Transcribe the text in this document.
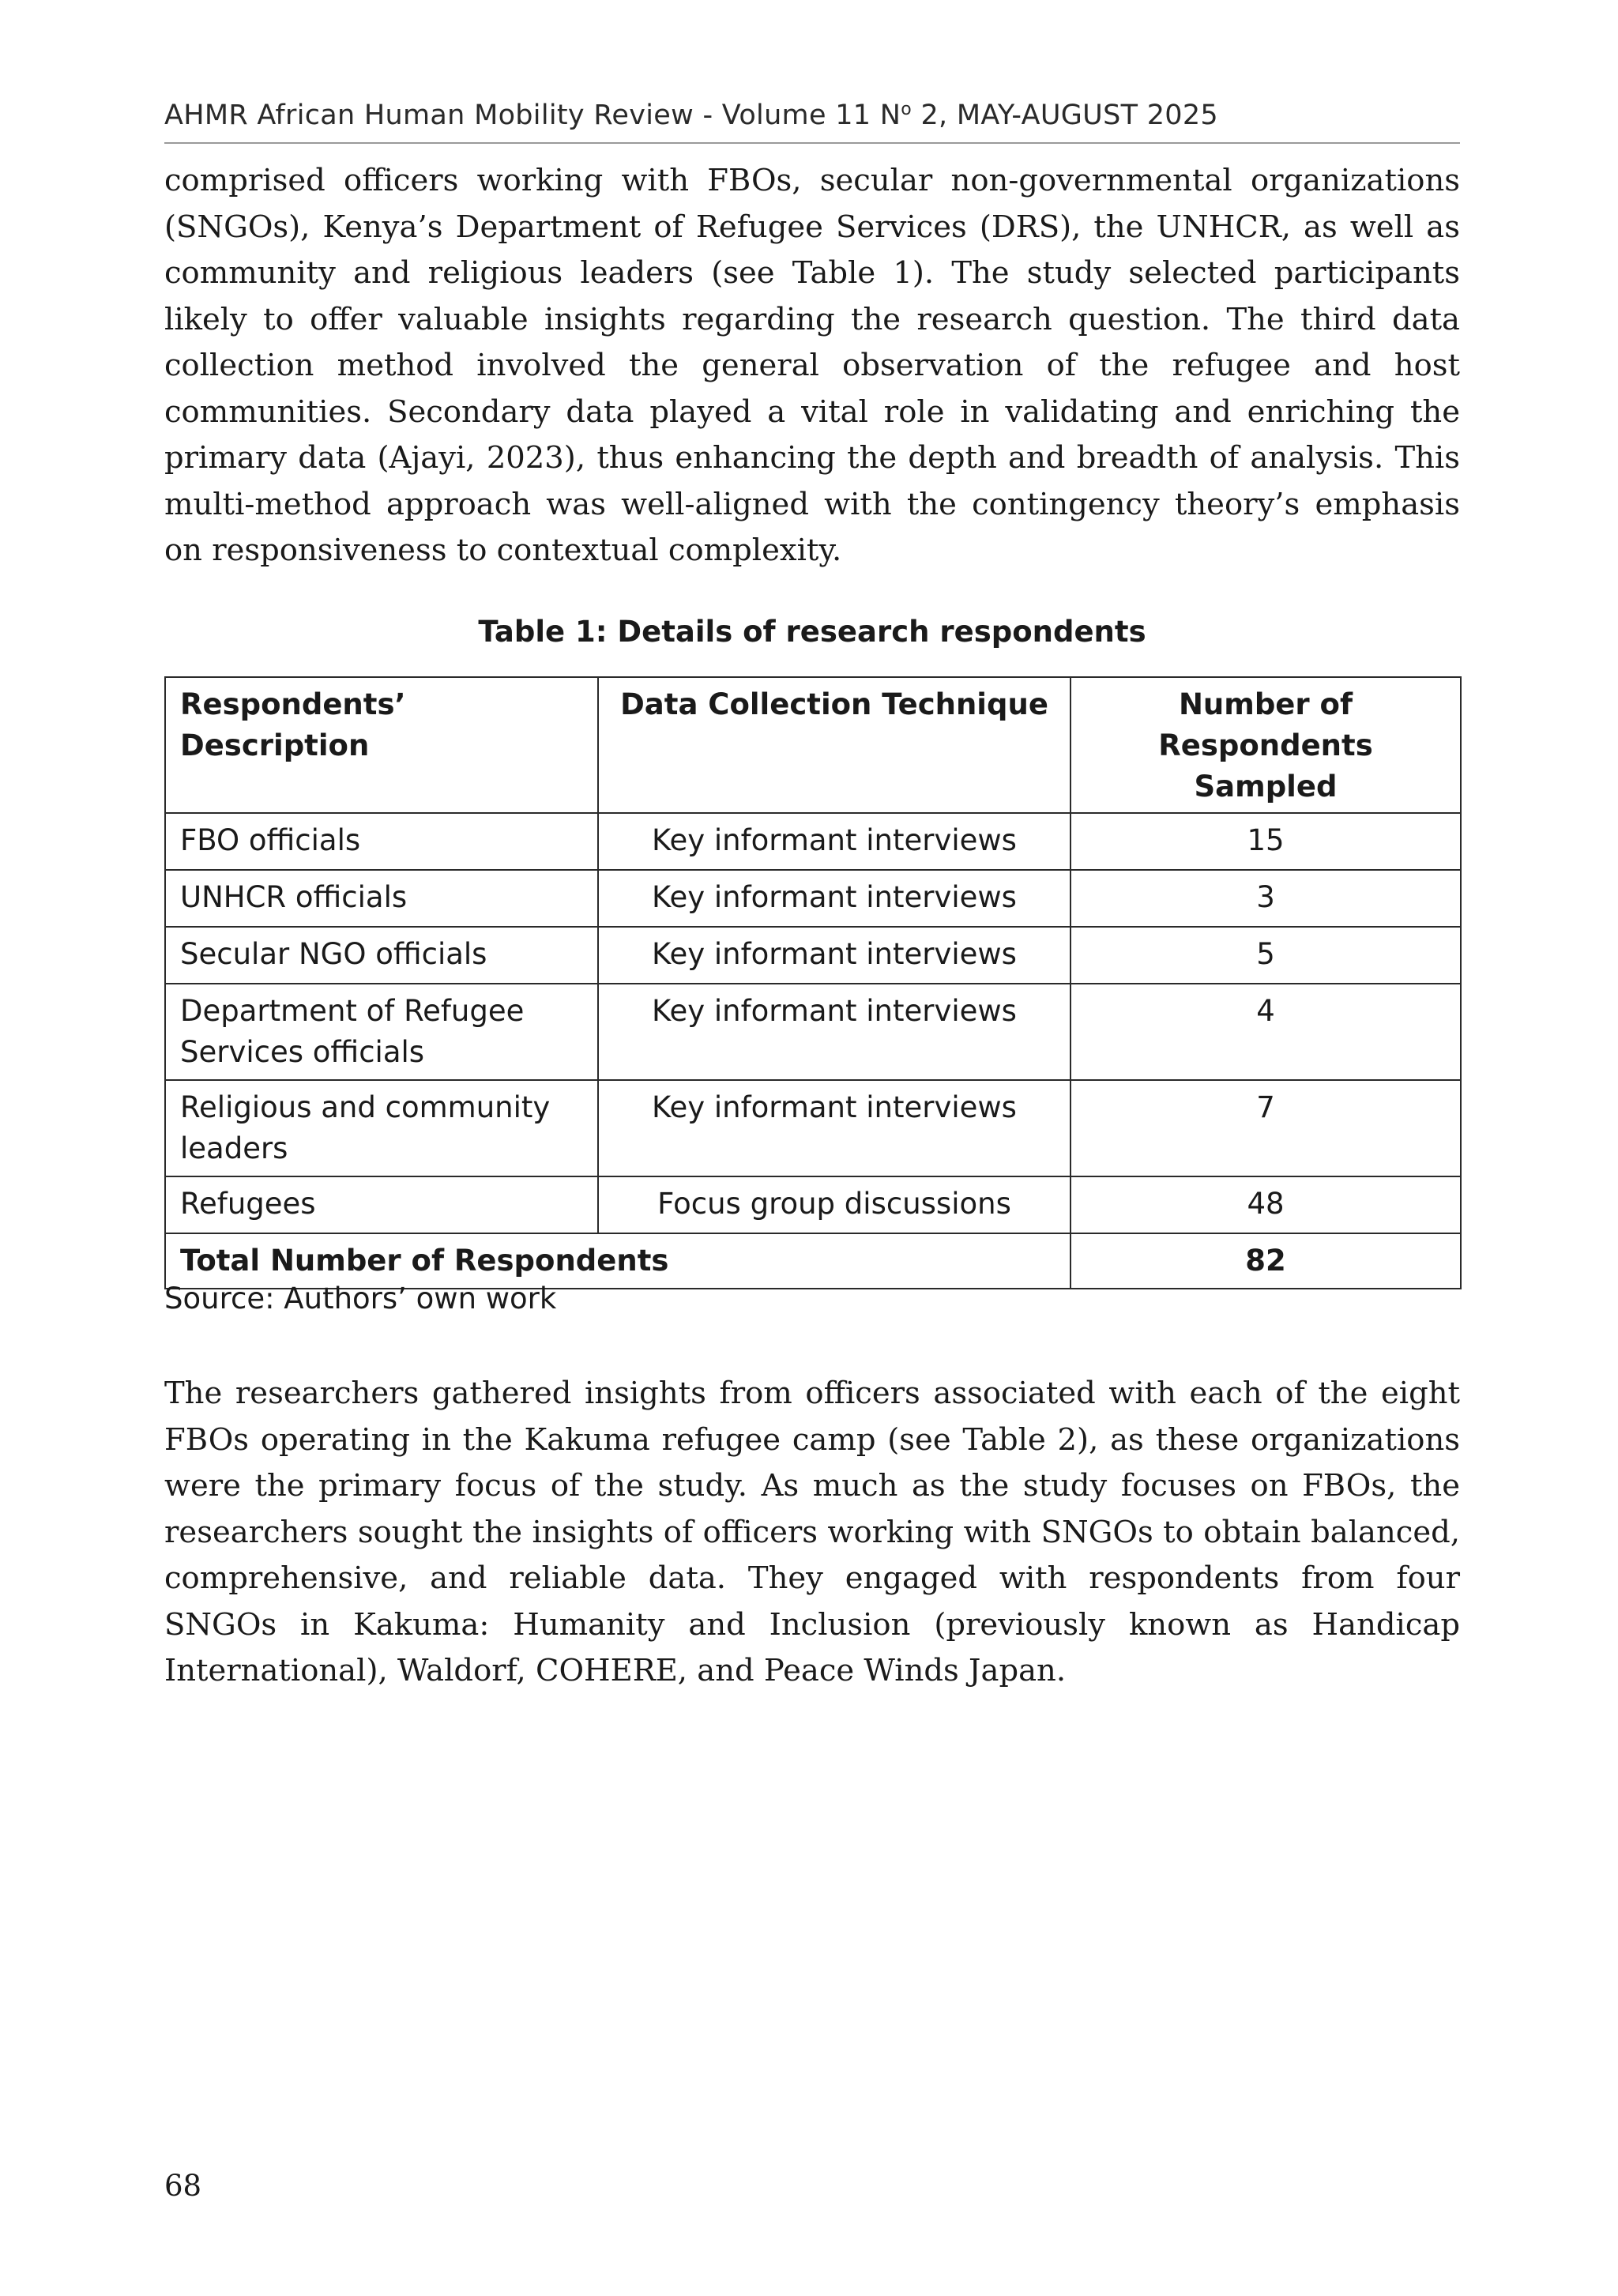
AHMR African Human Mobility Review - Volume 11 $N^o$ 2, MAY-AUGUST 2025

comprised officers working with FBOs, secular non-governmental organizations (SNGOs), Kenya’s Department of Refugee Services (DRS), the UNHCR, as well as community and religious leaders (see Table 1). The study selected participants likely to offer valuable insights regarding the research question. The third data collection method involved the general observation of the refugee and host communities. Secondary data played a vital role in validating and enriching the primary data (Ajayi, 2023), thus enhancing the depth and breadth of analysis. This multi-method approach was well-aligned with the contingency theory’s emphasis on responsiveness to contextual complexity.

Table 1: Details of research respondents

Respondents’ Description	Data Collection Technique	Number of Respondents Sampled
FBO officials	Key informant interviews	15
UNHCR officials	Key informant interviews	3
Secular NGO officials	Key informant interviews	5
Department of Refugee Services officials	Key informant interviews	4
Religious and community leaders	Key informant interviews	7
Refugees	Focus group discussions	48
Total Number of Respondents		82

Source: Authors’ own work

The researchers gathered insights from officers associated with each of the eight FBOs operating in the Kakuma refugee camp (see Table 2), as these organizations were the primary focus of the study. As much as the study focuses on FBOs, the researchers sought the insights of officers working with SNGOs to obtain balanced, comprehensive, and reliable data. They engaged with respondents from four SNGOs in Kakuma: Humanity and Inclusion (previously known as Handicap International), Waldorf, COHERE, and Peace Winds Japan.

68
